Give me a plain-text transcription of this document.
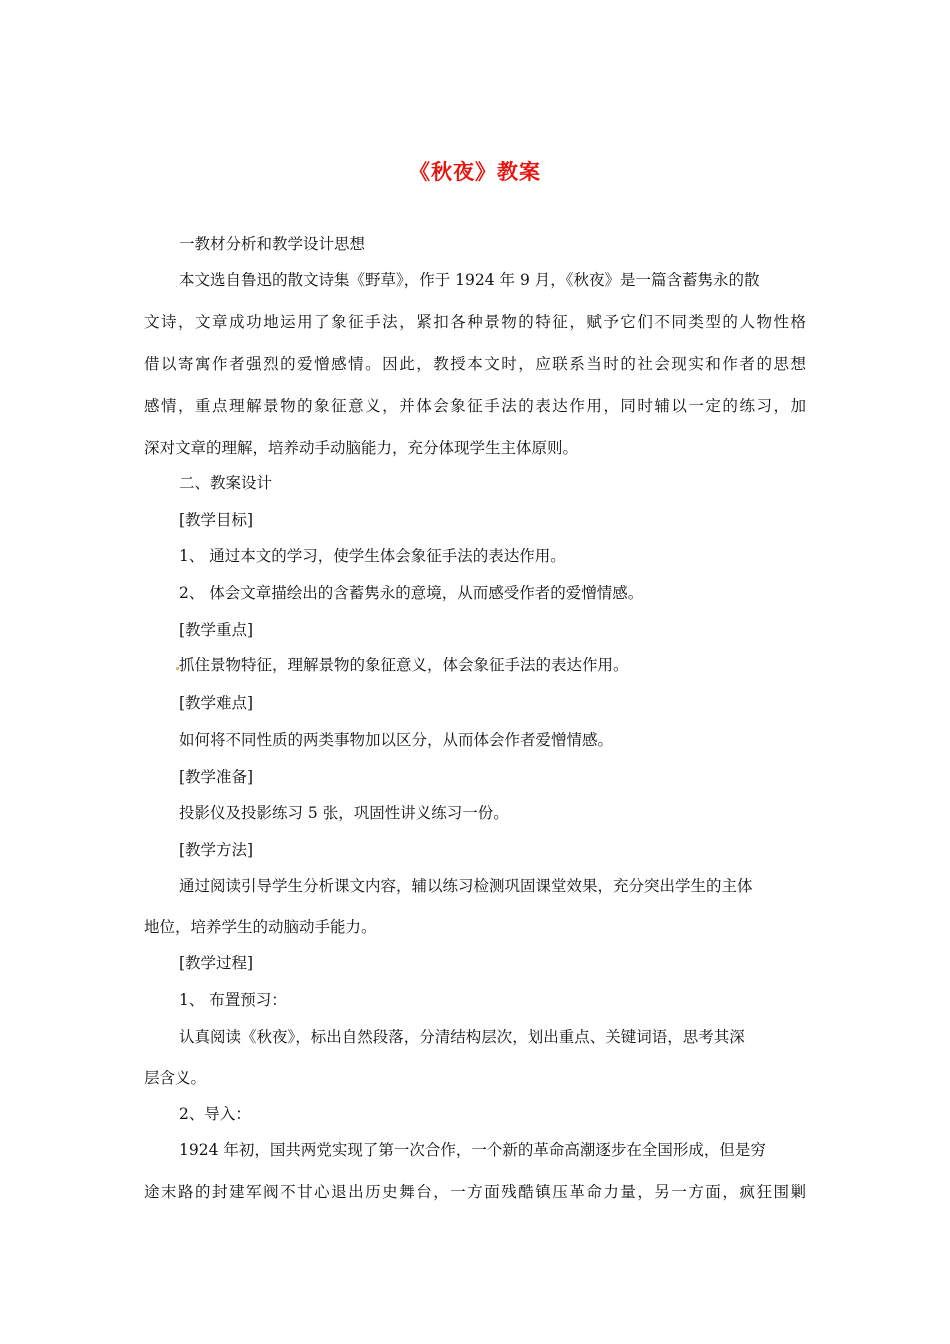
《秋夜》教案
一教材分析和教学设计思想
本文选自鲁迅的散文诗集《野草》，作于 1924 年 9 月，《秋夜》是一篇含蓄隽永的散
文诗，文章成功地运用了象征手法，紧扣各种景物的特征，赋予它们不同类型的人物性格
借以寄寓作者强烈的爱憎感情。因此，教授本文时，应联系当时的社会现实和作者的思想
感情，重点理解景物的象征意义，并体会象征手法的表达作用，同时辅以一定的练习，加
深对文章的理解，培养动手动脑能力，充分体现学生主体原则。
二、教案设计
[教学目标]
1、 通过本文的学习，使学生体会象征手法的表达作用。
2、 体会文章描绘出的含蓄隽永的意境，从而感受作者的爱憎情感。
[教学重点]
抓住景物特征，理解景物的象征意义，体会象征手法的表达作用。
[教学难点]
如何将不同性质的两类事物加以区分，从而体会作者爱憎情感。
[教学准备]
投影仪及投影练习 5 张，巩固性讲义练习一份。
[教学方法]
通过阅读引导学生分析课文内容，辅以练习检测巩固课堂效果，充分突出学生的主体
地位，培养学生的动脑动手能力。
[教学过程]
1、 布置预习：
认真阅读《秋夜》，标出自然段落，分清结构层次，划出重点、关键词语，思考其深
层含义。
2、导入：
1924 年初，国共两党实现了第一次合作，一个新的革命高潮逐步在全国形成，但是穷
途末路的封建军阀不甘心退出历史舞台，一方面残酷镇压革命力量，另一方面，疯狂围剿
